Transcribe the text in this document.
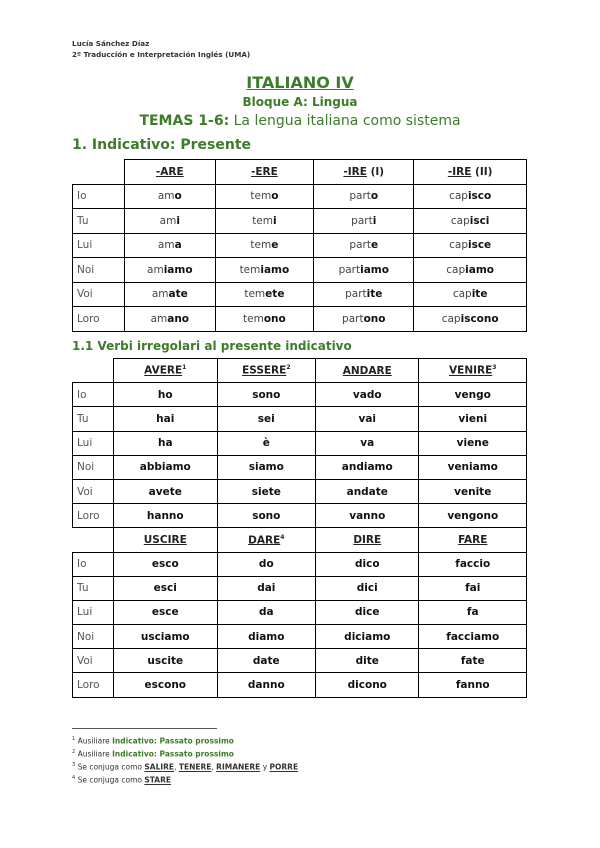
Lucía Sánchez Díaz
2º Traducción e Interpretación Inglés (UMA)
ITALIANO IV
Bloque A: Lingua
TEMAS 1-6: La lengua italiana como sistema
1. Indicativo: Presente
	-ARE	-ERE	-IRE (I)	-IRE (II)
Io	amo	temo	parto	capisco
Tu	ami	temi	parti	capisci
Lui	ama	teme	parte	capisce
Noi	amiamo	temiamo	partiamo	capiamo
Voi	amate	temete	partite	capite
Loro	amano	temono	partono	capiscono
1.1 Verbi irregolari al presente indicativo
	AVERE$^1$	ESSERE$^2$	ANDARE	VENIRE$^3$
Io	ho	sono	vado	vengo
Tu	hai	sei	vai	vieni
Lui	ha	è	va	viene
Noi	abbiamo	siamo	andiamo	veniamo
Voi	avete	siete	andate	venite
Loro	hanno	sono	vanno	vengono
	USCIRE	DARE$^4$	DIRE	FARE
Io	esco	do	dico	faccio
Tu	esci	dai	dici	fai
Lui	esce	da	dice	fa
Noi	usciamo	diamo	diciamo	facciamo
Voi	uscite	date	dite	fate
Loro	escono	danno	dicono	fanno
$^1$ Ausiliare Indicativo: Passato prossimo
$^2$ Ausiliare Indicativo: Passato prossimo
$^3$ Se conjuga como SALIRE, TENERE, RIMANERE y PORRE
$^4$ Se conjuga como STARE
